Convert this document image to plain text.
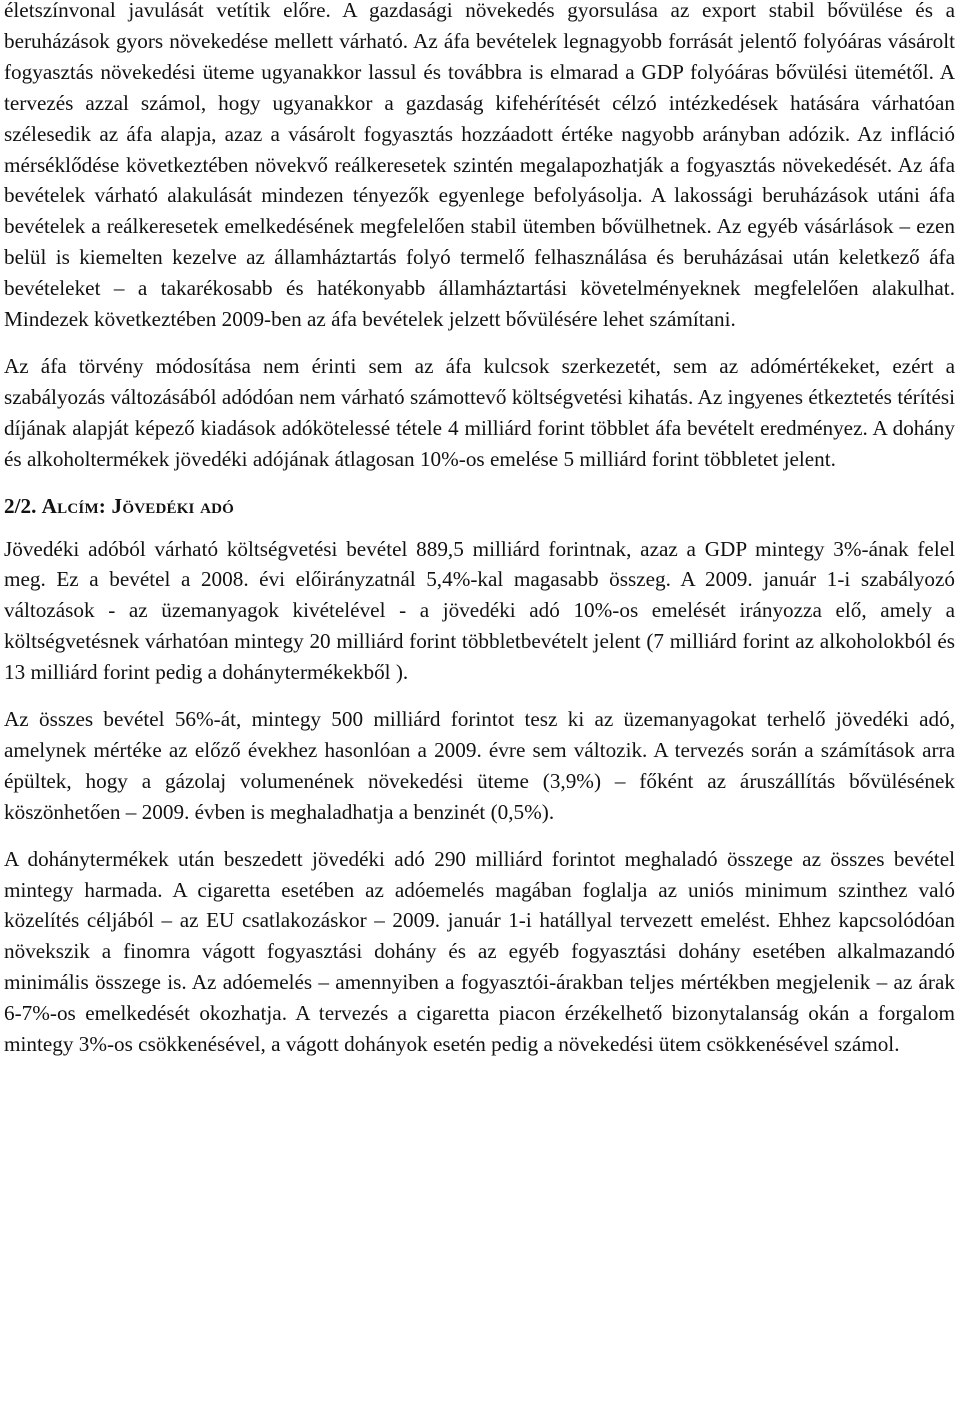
életszínvonal javulását vetítik előre. A gazdasági növekedés gyorsulása az export stabil bővülése és a beruházások gyors növekedése mellett várható. Az áfa bevételek legnagyobb forrását jelentő folyóáras vásárolt fogyasztás növekedési üteme ugyanakkor lassul és továbbra is elmarad a GDP folyóáras bővülési ütemétől. A tervezés azzal számol, hogy ugyanakkor a gazdaság kifehérítését célzó intézkedések hatására várhatóan szélesedik az áfa alapja, azaz a vásárolt fogyasztás hozzáadott értéke nagyobb arányban adózik. Az infláció mérséklődése következtében növekvő reálkeresetek szintén megalapozhatják a fogyasztás növekedését. Az áfa bevételek várható alakulását mindezen tényezők egyenlege befolyásolja. A lakossági beruházások utáni áfa bevételek a reálkeresetek emelkedésének megfelelően stabil ütemben bővülhetnek. Az egyéb vásárlások – ezen belül is kiemelten kezelve az államháztartás folyó termelő felhasználása és beruházásai után keletkező áfa bevételeket – a takarékosabb és hatékonyabb államháztartási követelményeknek megfelelően alakulhat. Mindezek következtében 2009-ben az áfa bevételek jelzett bővülésére lehet számítani.

Az áfa törvény módosítása nem érinti sem az áfa kulcsok szerkezetét, sem az adómértékeket, ezért a szabályozás változásából adódóan nem várható számottevő költségvetési kihatás. Az ingyenes étkeztetés térítési díjának alapját képező kiadások adókötelessé tétele 4 milliárd forint többlet áfa bevételt eredményez. A dohány és alkoholtermékek jövedéki adójának átlagosan 10%-os emelése 5 milliárd forint többletet jelent.

2/2. Alcím: Jövedéki adó

Jövedéki adóból várható költségvetési bevétel 889,5 milliárd forintnak, azaz a GDP mintegy 3%-ának felel meg. Ez a bevétel a 2008. évi előirányzatnál 5,4%-kal magasabb összeg. A 2009. január 1-i szabályozó változások - az üzemanyagok kivételével - a jövedéki adó 10%-os emelését irányozza elő, amely a költségvetésnek várhatóan mintegy 20 milliárd forint többletbevételt jelent (7 milliárd forint az alkoholokból és 13 milliárd forint pedig a dohánytermékekből ).

Az összes bevétel 56%-át, mintegy 500 milliárd forintot tesz ki az üzemanyagokat terhelő jövedéki adó, amelynek mértéke az előző évekhez hasonlóan a 2009. évre sem változik. A tervezés során a számítások arra épültek, hogy a gázolaj volumenének növekedési üteme (3,9%) – főként az áruszállítás bővülésének köszönhetően – 2009. évben is meghaladhatja a benzinét (0,5%).

A dohánytermékek után beszedett jövedéki adó 290 milliárd forintot meghaladó összege az összes bevétel mintegy harmada. A cigaretta esetében az adóemelés magában foglalja az uniós minimum szinthez való közelítés céljából – az EU csatlakozáskor – 2009. január 1-i hatállyal tervezett emelést. Ehhez kapcsolódóan növekszik a finomra vágott fogyasztási dohány és az egyéb fogyasztási dohány esetében alkalmazandó minimális összege is. Az adóemelés – amennyiben a fogyasztói-árakban teljes mértékben megjelenik – az árak 6-7%-os emelkedését okozhatja. A tervezés a cigaretta piacon érzékelhető bizonytalanság okán a forgalom mintegy 3%-os csökkenésével, a vágott dohányok esetén pedig a növekedési ütem csökkenésével számol.
